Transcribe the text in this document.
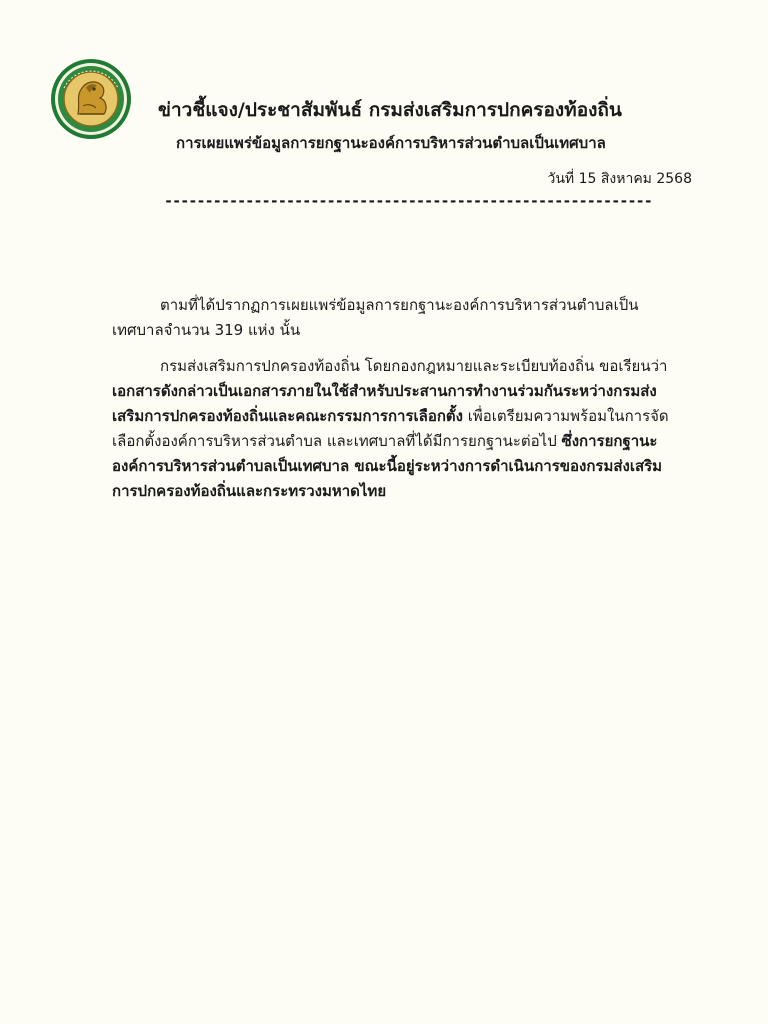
ข่าวชี้แจง/ประชาสัมพันธ์ กรมส่งเสริมการปกครองท้องถิ่น
การเผยแพร่ข้อมูลการยกฐานะองค์การบริหารส่วนตำบลเป็นเทศบาล
วันที่ 15 สิงหาคม 2568
------------------------------------------------------------

ตามที่ได้ปรากฏการเผยแพร่ข้อมูลการยกฐานะองค์การบริหารส่วนตำบลเป็นเทศบาลจำนวน 319 แห่ง นั้น

กรมส่งเสริมการปกครองท้องถิ่น โดยกองกฎหมายและระเบียบท้องถิ่น ขอเรียนว่า เอกสารดังกล่าวเป็นเอกสารภายในใช้สำหรับประสานการทำงานร่วมกันระหว่างกรมส่งเสริมการปกครองท้องถิ่นและคณะกรรมการการเลือกตั้ง เพื่อเตรียมความพร้อมในการจัดเลือกตั้งองค์การบริหารส่วนตำบล และเทศบาลที่ได้มีการยกฐานะต่อไป ซึ่งการยกฐานะองค์การบริหารส่วนตำบลเป็นเทศบาล ขณะนี้อยู่ระหว่างการดำเนินการของกรมส่งเสริมการปกครองท้องถิ่นและกระทรวงมหาดไทย
